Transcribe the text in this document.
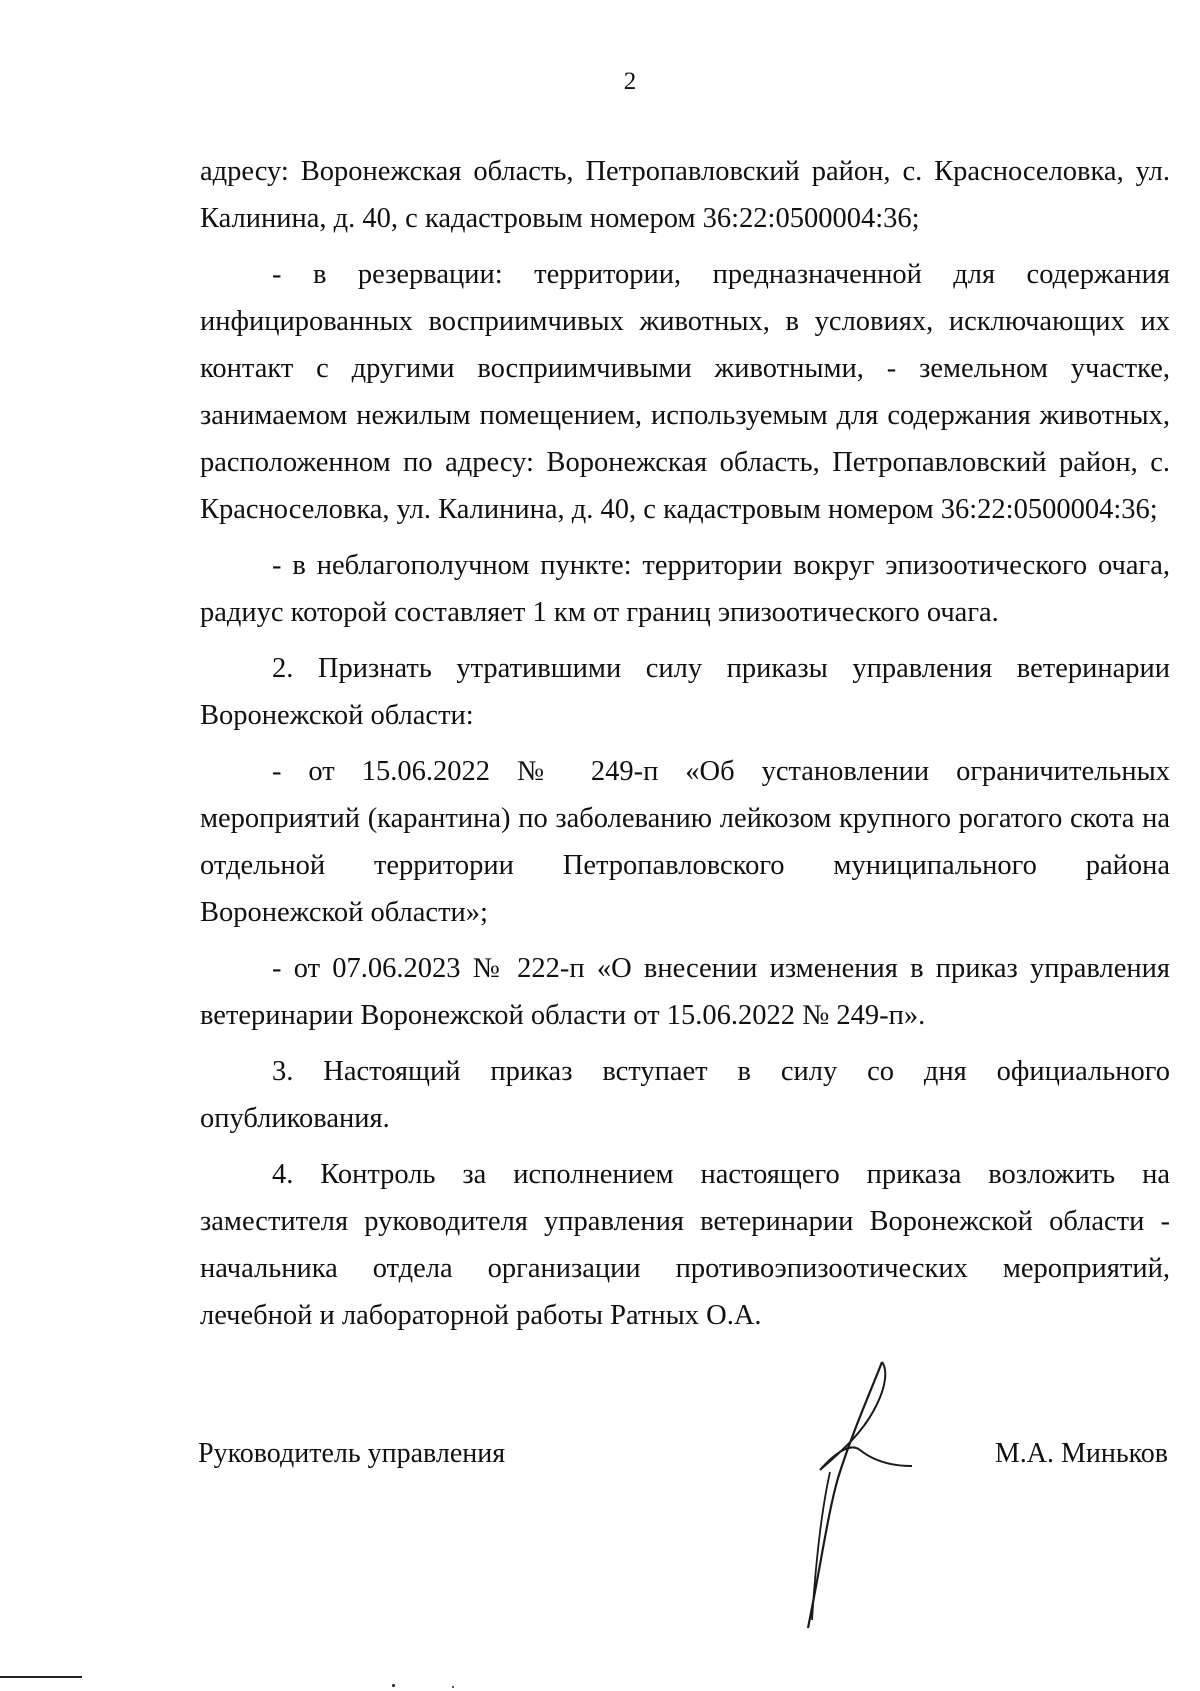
2

адресу: Воронежская область, Петропавловский район, с. Красноселовка, ул. Калинина, д. 40, с кадастровым номером 36:22:0500004:36;

- в резервации: территории, предназначенной для содержания инфицированных восприимчивых животных, в условиях, исключающих их контакт с другими восприимчивыми животными, - земельном участке, занимаемом нежилым помещением, используемым для содержания животных, расположенном по адресу: Воронежская область, Петропавловский район, с. Красноселовка, ул. Калинина, д. 40, с кадастровым номером 36:22:0500004:36;

- в неблагополучном пункте: территории вокруг эпизоотического очага, радиус которой составляет 1 км от границ эпизоотического очага.

2. Признать утратившими силу приказы управления ветеринарии Воронежской области:

- от 15.06.2022 № 249-п «Об установлении ограничительных мероприятий (карантина) по заболеванию лейкозом крупного рогатого скота на отдельной территории Петропавловского муниципального района Воронежской области»;

- от 07.06.2023 № 222-п «О внесении изменения в приказ управления ветеринарии Воронежской области от 15.06.2022 № 249-п».

3. Настоящий приказ вступает в силу со дня официального опубликования.

4. Контроль за исполнением настоящего приказа возложить на заместителя руководителя управления ветеринарии Воронежской области - начальника отдела организации противоэпизоотических мероприятий, лечебной и лабораторной работы Ратных О.А.

Руководитель управления	М.А. Миньков
